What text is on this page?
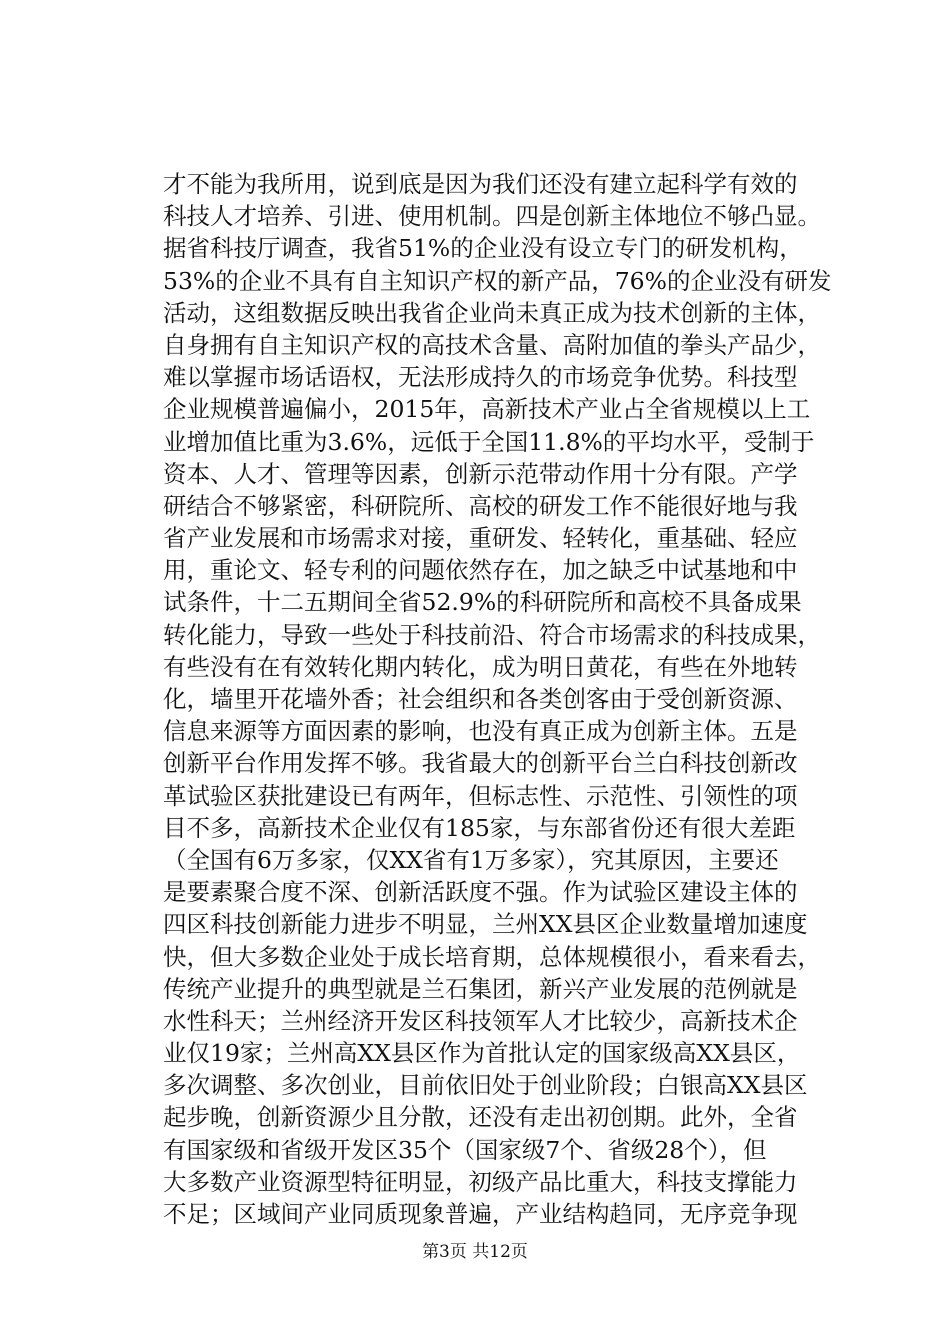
才不能为我所用，说到底是因为我们还没有建立起科学有效的
科技人才培养、引进、使用机制。四是创新主体地位不够凸显。
据省科技厅调查，我省51%的企业没有设立专门的研发机构，
53%的企业不具有自主知识产权的新产品，76%的企业没有研发
活动，这组数据反映出我省企业尚未真正成为技术创新的主体，
自身拥有自主知识产权的高技术含量、高附加值的拳头产品少，
难以掌握市场话语权，无法形成持久的市场竞争优势。科技型
企业规模普遍偏小，2015年，高新技术产业占全省规模以上工
业增加值比重为3.6%，远低于全国11.8%的平均水平，受制于
资本、人才、管理等因素，创新示范带动作用十分有限。产学
研结合不够紧密，科研院所、高校的研发工作不能很好地与我
省产业发展和市场需求对接，重研发、轻转化，重基础、轻应
用，重论文、轻专利的问题依然存在，加之缺乏中试基地和中
试条件，十二五期间全省52.9%的科研院所和高校不具备成果
转化能力，导致一些处于科技前沿、符合市场需求的科技成果，
有些没有在有效转化期内转化，成为明日黄花，有些在外地转
化，墙里开花墙外香；社会组织和各类创客由于受创新资源、
信息来源等方面因素的影响，也没有真正成为创新主体。五是
创新平台作用发挥不够。我省最大的创新平台兰白科技创新改
革试验区获批建设已有两年，但标志性、示范性、引领性的项
目不多，高新技术企业仅有185家，与东部省份还有很大差距
（全国有6万多家，仅XX省有1万多家），究其原因，主要还
是要素聚合度不深、创新活跃度不强。作为试验区建设主体的
四区科技创新能力进步不明显，兰州XX县区企业数量增加速度
快，但大多数企业处于成长培育期，总体规模很小，看来看去，
传统产业提升的典型就是兰石集团，新兴产业发展的范例就是
水性科天；兰州经济开发区科技领军人才比较少，高新技术企
业仅19家；兰州高XX县区作为首批认定的国家级高XX县区，
多次调整、多次创业，目前依旧处于创业阶段；白银高XX县区
起步晚，创新资源少且分散，还没有走出初创期。此外，全省
有国家级和省级开发区35个（国家级7个、省级28个），但
大多数产业资源型特征明显，初级产品比重大，科技支撑能力
不足；区域间产业同质现象普遍，产业结构趋同，无序竞争现
第3页 共12页
